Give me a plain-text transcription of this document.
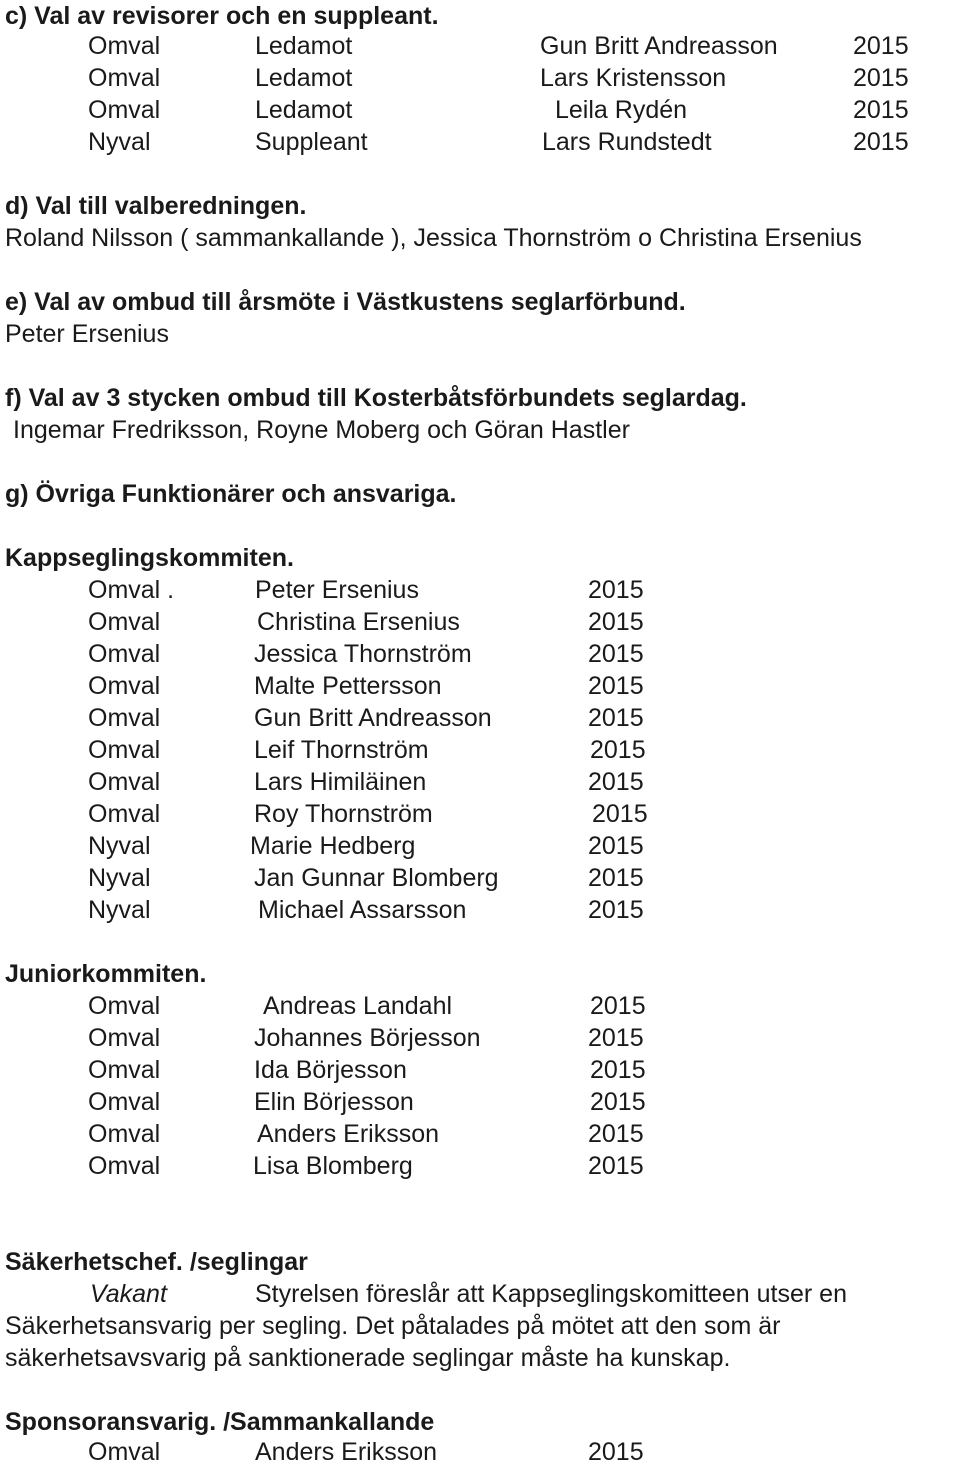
c) Val av revisorer och en suppleant.
Omval	Ledamot	Gun Britt Andreasson	2015
Omval	Ledamot	Lars Kristensson	2015
Omval	Ledamot	Leila Rydén	2015
Nyval	Suppleant	Lars Rundstedt	2015
d) Val till valberedningen.
Roland Nilsson ( sammankallande ), Jessica Thornström o Christina Ersenius
e) Val av ombud till årsmöte i Västkustens seglarförbund.
Peter Ersenius
f) Val av 3 stycken ombud till Kosterbåtsförbundets seglardag.
Ingemar Fredriksson, Royne Moberg och Göran Hastler
g) Övriga Funktionärer och ansvariga.
Kappseglingskommiten.
Omval .	Peter Ersenius	2015
Omval	Christina Ersenius	2015
Omval	Jessica Thornström	2015
Omval	Malte Pettersson	2015
Omval	Gun Britt Andreasson	2015
Omval	Leif Thornström	2015
Omval	Lars Himiläinen	2015
Omval	Roy Thornström	2015
Nyval	Marie Hedberg	2015
Nyval	Jan Gunnar Blomberg	2015
Nyval	Michael Assarsson	2015
Juniorkommiten.
Omval	Andreas Landahl	2015
Omval	Johannes Börjesson	2015
Omval	Ida Börjesson	2015
Omval	Elin Börjesson	2015
Omval	Anders Eriksson	2015
Omval	Lisa Blomberg	2015
Säkerhetschef. /seglingar
Vakant	Styrelsen föreslår att Kappseglingskomitteen utser en
Säkerhetsansvarig per segling. Det påtalades på mötet att den som är
säkerhetsavsvarig på sanktionerade seglingar måste ha kunskap.
Sponsoransvarig. /Sammankallande
Omval	Anders Eriksson	2015
